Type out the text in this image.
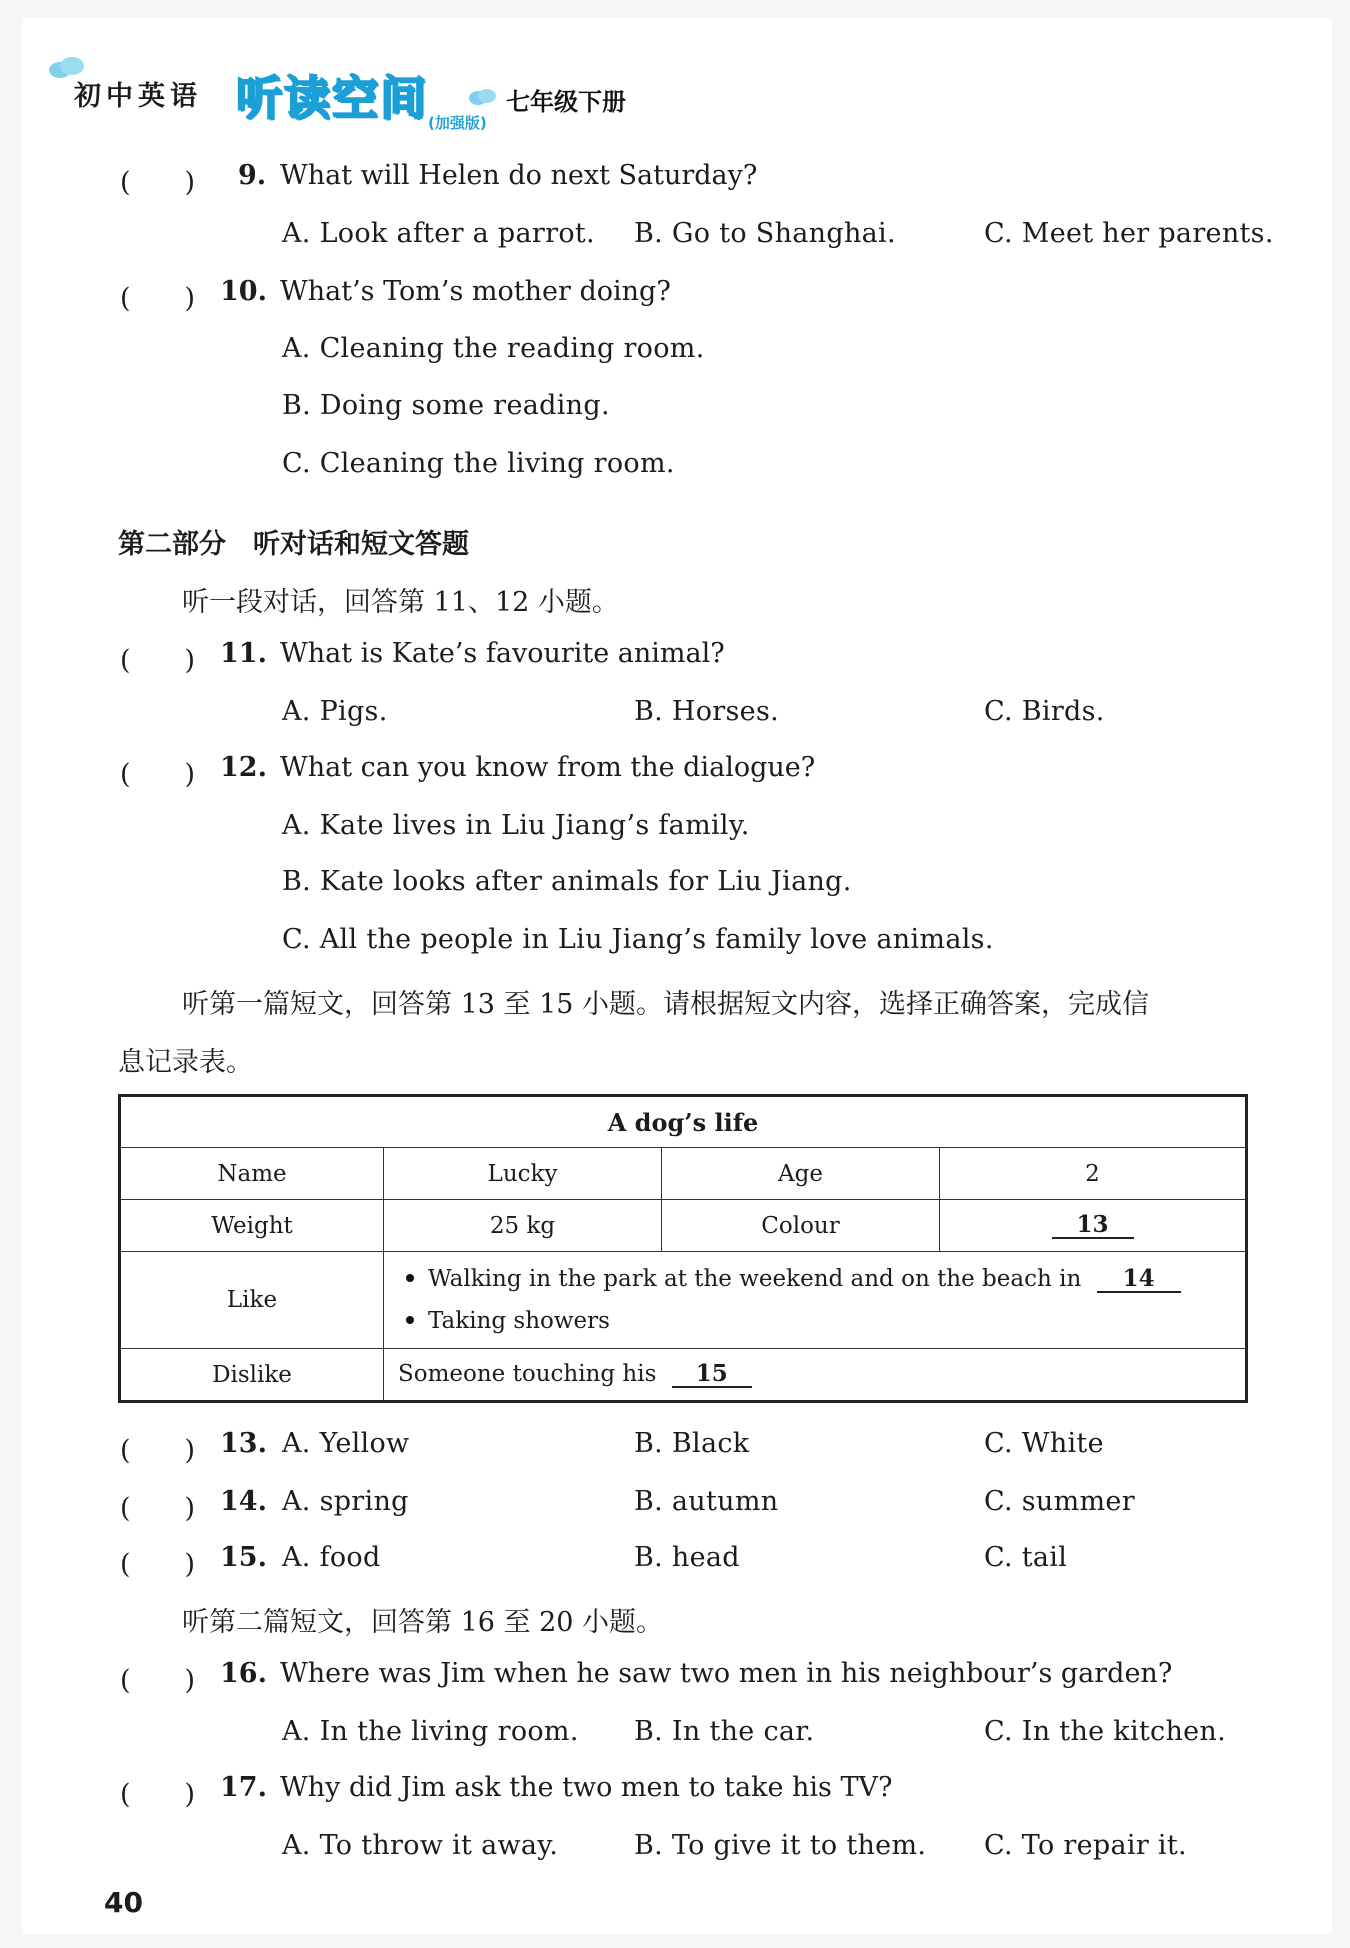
初中英语 听读空间 (加强版)
七年级下册
(　　) 9. What will Helen do next Saturday?
A. Look after a parrot. B. Go to Shanghai.	C. Meet her parents.
(　　) 10. What’s Tom’s mother doing?
A. Cleaning the reading room.
B. Doing some reading.
C. Cleaning the living room.
第二部分　听对话和短文答题
听一段对话，回答第 11、12 小题。
(　　) 11. What is Kate’s favourite animal?
A. Pigs.	B. Horses.	C. Birds.
(　　) 12. What can you know from the dialogue?
A. Kate lives in Liu Jiang’s family.
B. Kate looks after animals for Liu Jiang.
C. All the people in Liu Jiang’s family love animals.
听第一篇短文，回答第 13 至 15 小题。请根据短文内容，选择正确答案，完成信
息记录表。
A dog’s life			
Name	Lucky	Age	2
Weight	25 kg	Colour	13
Like	Walking in the park at the weekend and on the beach in 14
Taking showers		

Dislike	Someone touching his 15		
(　　) 13. A. Yellow	B. Black	C. White
(　　) 14. A. spring	B. autumn	C. summer
(　　) 15. A. food	B. head	C. tail
听第二篇短文，回答第 16 至 20 小题。
(　　) 16. Where was Jim when he saw two men in his neighbour’s garden?
A. In the living room. B. In the car.	C. In the kitchen.
(　　) 17. Why did Jim ask the two men to take his TV?
A. To throw it away.	B. To give it to them. C. To repair it.
40
